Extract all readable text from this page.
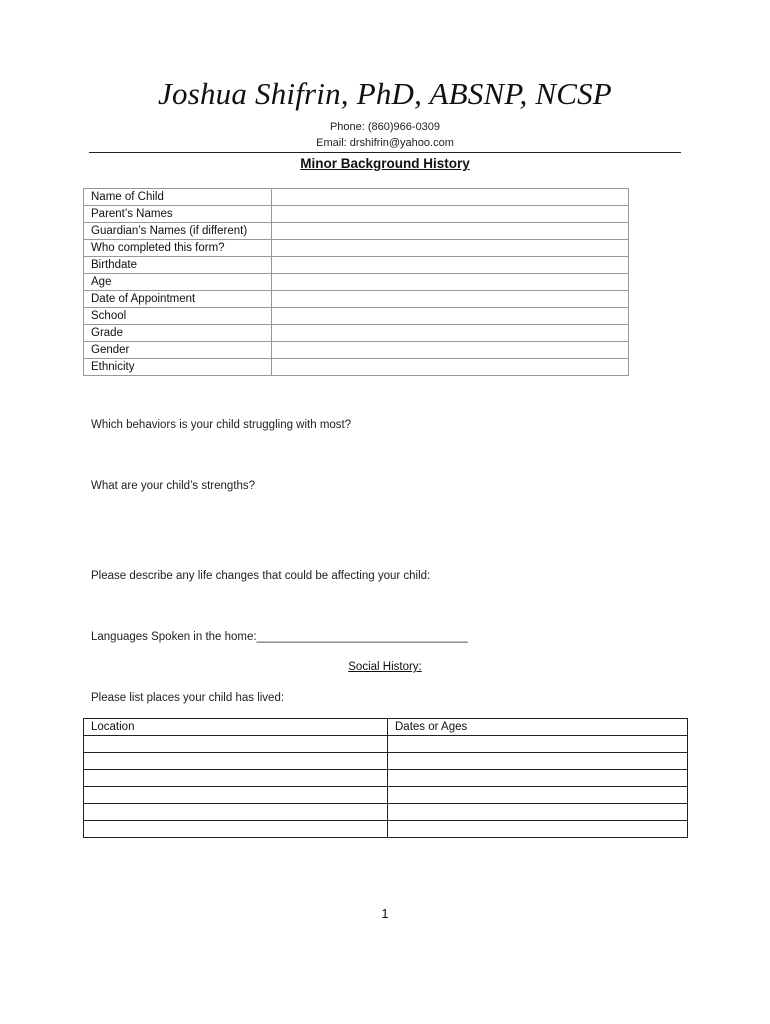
Joshua Shifrin, PhD, ABSNP, NCSP
Phone: (860)966-0309
Email: drshifrin@yahoo.com
Minor Background History
Name of Child	
Parent’s Names	
Guardian’s Names (if different)	
Who completed this form?	
Birthdate	
Age	
Date of Appointment	
School	
Grade	
Gender	
Ethnicity	
Which behaviors is your child struggling with most?
What are your child’s strengths?
Please describe any life changes that could be affecting your child:
Languages Spoken in the home:_________________________________
Social History:
Please list places your child has lived:
Location	Dates or Ages

1
